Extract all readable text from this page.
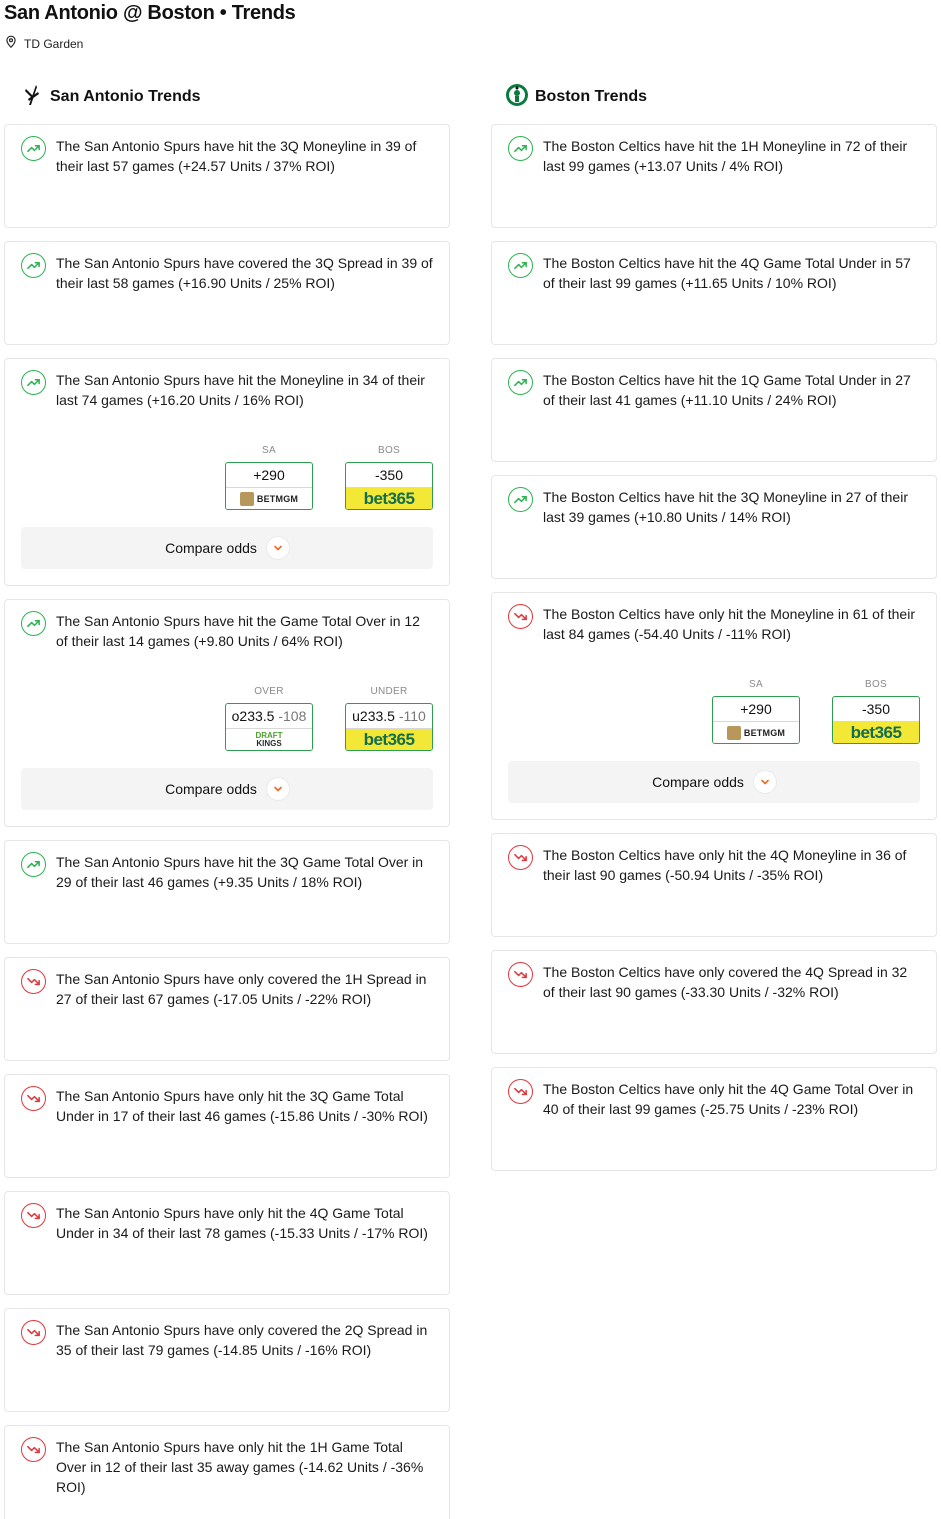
San Antonio @ Boston • Trends
TD Garden
San Antonio Trends
The San Antonio Spurs have hit the 3Q Moneyline in 39 of their last 57 games (+24.57 Units / 37% ROI)
The San Antonio Spurs have covered the 3Q Spread in 39 of their last 58 games (+16.90 Units / 25% ROI)
The San Antonio Spurs have hit the Moneyline in 34 of their last 74 games (+16.20 Units / 16% ROI)
SA
+290
BETMGM
BOS
-350
bet365
Compare odds
The San Antonio Spurs have hit the Game Total Over in 12 of their last 14 games (+9.80 Units / 64% ROI)
OVER
o233.5 -108
DRAFT
KINGS
UNDER
u233.5 -110
bet365
Compare odds
The San Antonio Spurs have hit the 3Q Game Total Over in 29 of their last 46 games (+9.35 Units / 18% ROI)
The San Antonio Spurs have only covered the 1H Spread in 27 of their last 67 games (-17.05 Units / -22% ROI)
The San Antonio Spurs have only hit the 3Q Game Total Under in 17 of their last 46 games (-15.86 Units / -30% ROI)
The San Antonio Spurs have only hit the 4Q Game Total Under in 34 of their last 78 games (-15.33 Units / -17% ROI)
The San Antonio Spurs have only covered the 2Q Spread in 35 of their last 79 games (-14.85 Units / -16% ROI)
The San Antonio Spurs have only hit the 1H Game Total Over in 12 of their last 35 away games (-14.62 Units / -36% ROI)
Boston Trends
The Boston Celtics have hit the 1H Moneyline in 72 of their last 99 games (+13.07 Units / 4% ROI)
The Boston Celtics have hit the 4Q Game Total Under in 57 of their last 99 games (+11.65 Units / 10% ROI)
The Boston Celtics have hit the 1Q Game Total Under in 27 of their last 41 games (+11.10 Units / 24% ROI)
The Boston Celtics have hit the 3Q Moneyline in 27 of their last 39 games (+10.80 Units / 14% ROI)
The Boston Celtics have only hit the Moneyline in 61 of their last 84 games (-54.40 Units / -11% ROI)
SA
+290
BETMGM
BOS
-350
bet365
Compare odds
The Boston Celtics have only hit the 4Q Moneyline in 36 of their last 90 games (-50.94 Units / -35% ROI)
The Boston Celtics have only covered the 4Q Spread in 32 of their last 90 games (-33.30 Units / -32% ROI)
The Boston Celtics have only hit the 4Q Game Total Over in 40 of their last 99 games (-25.75 Units / -23% ROI)
